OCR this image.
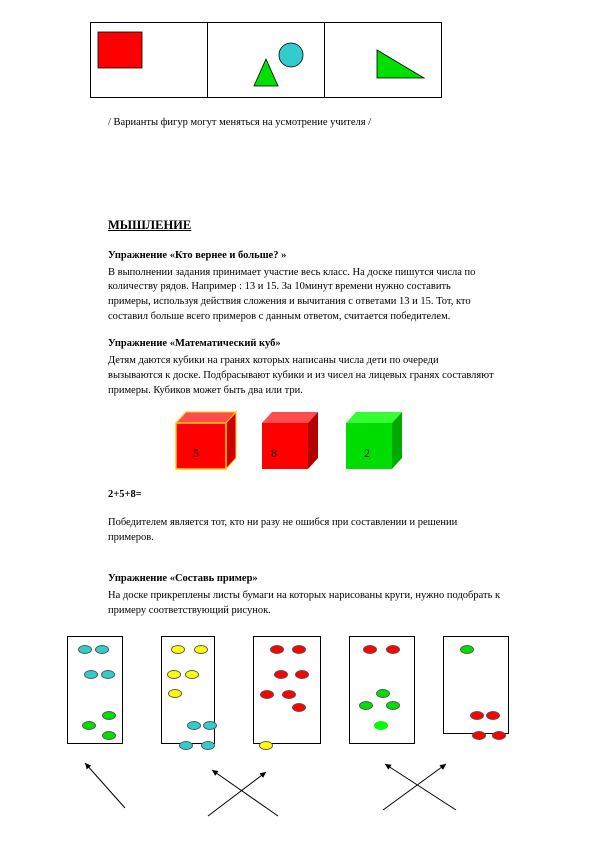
/ Варианты фигур могут меняться на усмотрение учителя /
МЫШЛЕНИЕ
Упражнение «Кто вернее и больше? »
В выполнении задания принимает участие весь класс. На доске пишутся числа по
количеству рядов. Например : 13 и 15. За 10минут времени нужно составить
примеры, используя действия сложения и вычитания с ответами 13 и 15. Тот, кто
составил больше всего примеров с данным ответом, считается победителем.
Упражнение «Математический куб»
Детям даются кубики на гранях которых написаны числа дети по очереди
вызываются к доске. Подбрасывают кубики и из чисел на лицевых гранях составляют
примеры. Кубиков может быть два или три.
5	8	2
2+5+8=
Победителем является тот, кто ни разу не ошибся при составлении и решении
примеров.
Упражнение «Составь пример»
На доске прикреплены листы бумаги на которых нарисованы круги, нужно подобрать к
примеру соответствующий рисунок.
